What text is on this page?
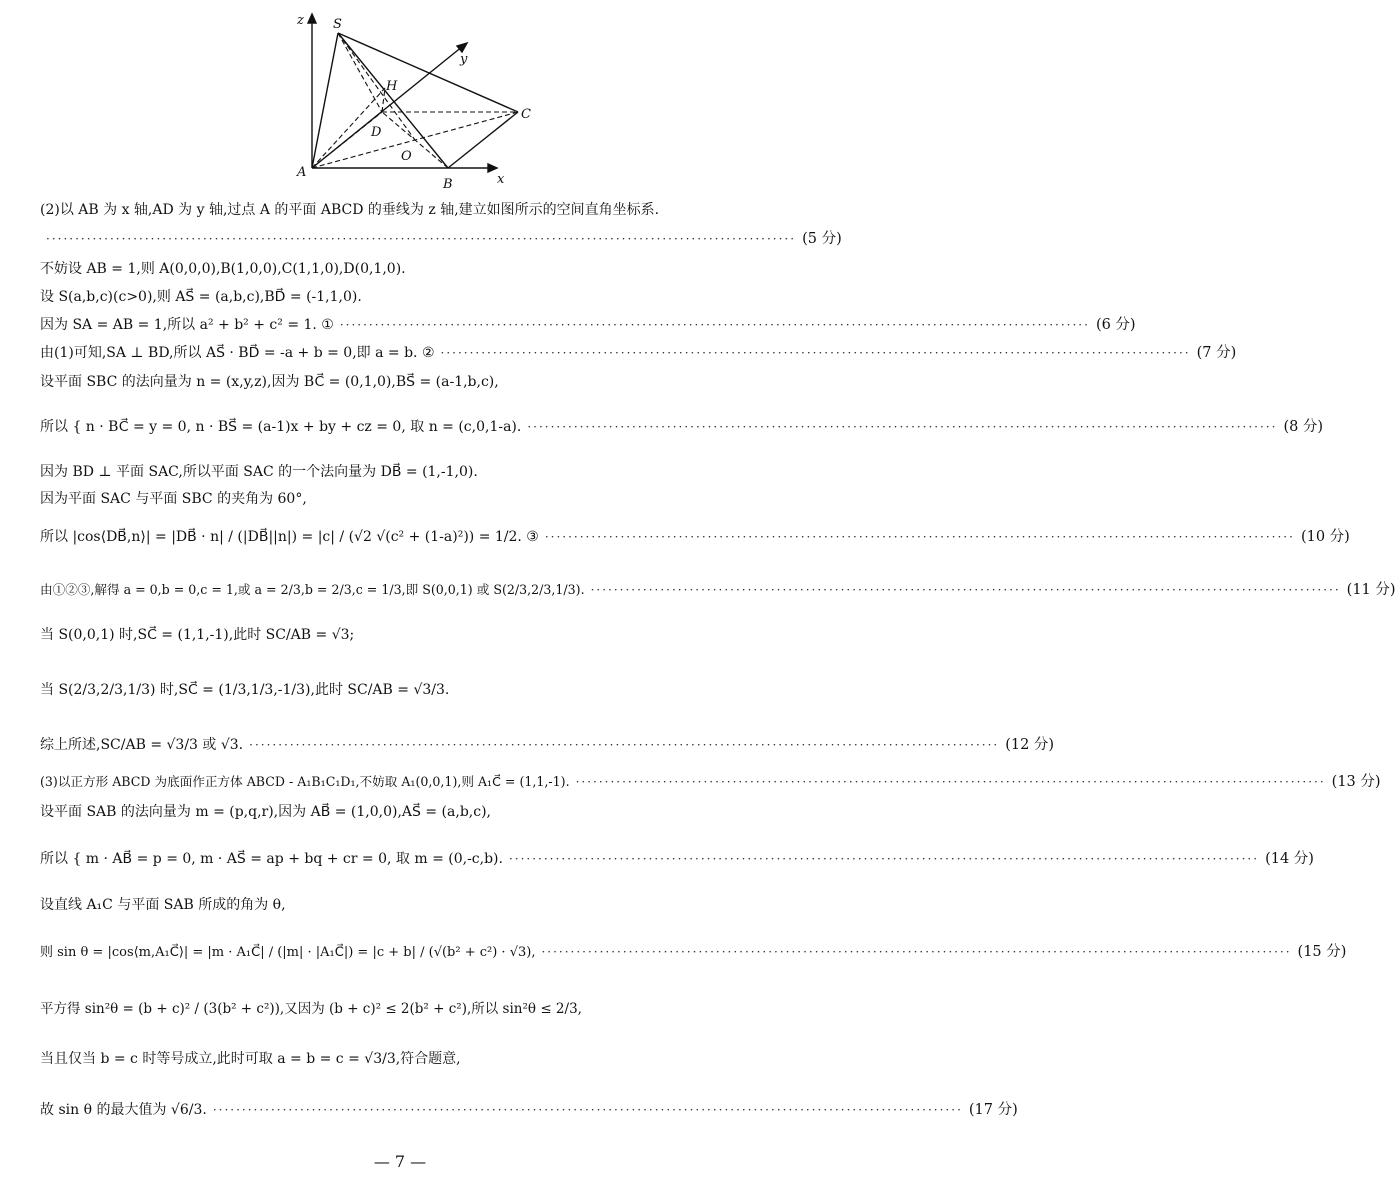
z
y
x
S
H
C
D
O
A
B
(2)以 AB 为 x 轴,AD 为 y 轴,过点 A 的平面 ABCD 的垂线为 z 轴,建立如图所示的空间直角坐标系.
································································································································· (5 分)
不妨设 AB = 1,则 A(0,0,0),B(1,0,0),C(1,1,0),D(0,1,0).
设 S(a,b,c)(c>0),则 AS⃗ = (a,b,c),BD⃗ = (-1,1,0).
因为 SA = AB = 1,所以 a² + b² + c² = 1. ① ································································································································· (6 分)
由(1)可知,SA ⊥ BD,所以 AS⃗ · BD⃗ = -a + b = 0,即 a = b. ② ································································································································· (7 分)
设平面 SBC 的法向量为 n = (x,y,z),因为 BC⃗ = (0,1,0),BS⃗ = (a-1,b,c),
所以 { n · BC⃗ = y = 0, n · BS⃗ = (a-1)x + by + cz = 0, 取 n = (c,0,1-a). ································································································································· (8 分)
因为 BD ⊥ 平面 SAC,所以平面 SAC 的一个法向量为 DB⃗ = (1,-1,0).
因为平面 SAC 与平面 SBC 的夹角为 60°,
所以 |cos⟨DB⃗,n⟩| = |DB⃗ · n| / (|DB⃗||n|) = |c| / (√2 √(c² + (1-a)²)) = 1/2. ③ ································································································································· (10 分)
由①②③,解得 a = 0,b = 0,c = 1,或 a = 2/3,b = 2/3,c = 1/3,即 S(0,0,1) 或 S(2/3,2/3,1/3). ································································································································· (11 分)
当 S(0,0,1) 时,SC⃗ = (1,1,-1),此时 SC/AB = √3;
当 S(2/3,2/3,1/3) 时,SC⃗ = (1/3,1/3,-1/3),此时 SC/AB = √3/3.
综上所述,SC/AB = √3/3 或 √3. ································································································································· (12 分)
(3)以正方形 ABCD 为底面作正方体 ABCD - A₁B₁C₁D₁,不妨取 A₁(0,0,1),则 A₁C⃗ = (1,1,-1). ································································································································· (13 分)
设平面 SAB 的法向量为 m = (p,q,r),因为 AB⃗ = (1,0,0),AS⃗ = (a,b,c),
所以 { m · AB⃗ = p = 0, m · AS⃗ = ap + bq + cr = 0, 取 m = (0,-c,b). ································································································································· (14 分)
设直线 A₁C 与平面 SAB 所成的角为 θ,
则 sin θ = |cos⟨m,A₁C⃗⟩| = |m · A₁C⃗| / (|m| · |A₁C⃗|) = |c + b| / (√(b² + c²) · √3), ································································································································· (15 分)
平方得 sin²θ = (b + c)² / (3(b² + c²)),又因为 (b + c)² ≤ 2(b² + c²),所以 sin²θ ≤ 2/3,
当且仅当 b = c 时等号成立,此时可取 a = b = c = √3/3,符合题意,
故 sin θ 的最大值为 √6/3. ································································································································· (17 分)
— 7 —
